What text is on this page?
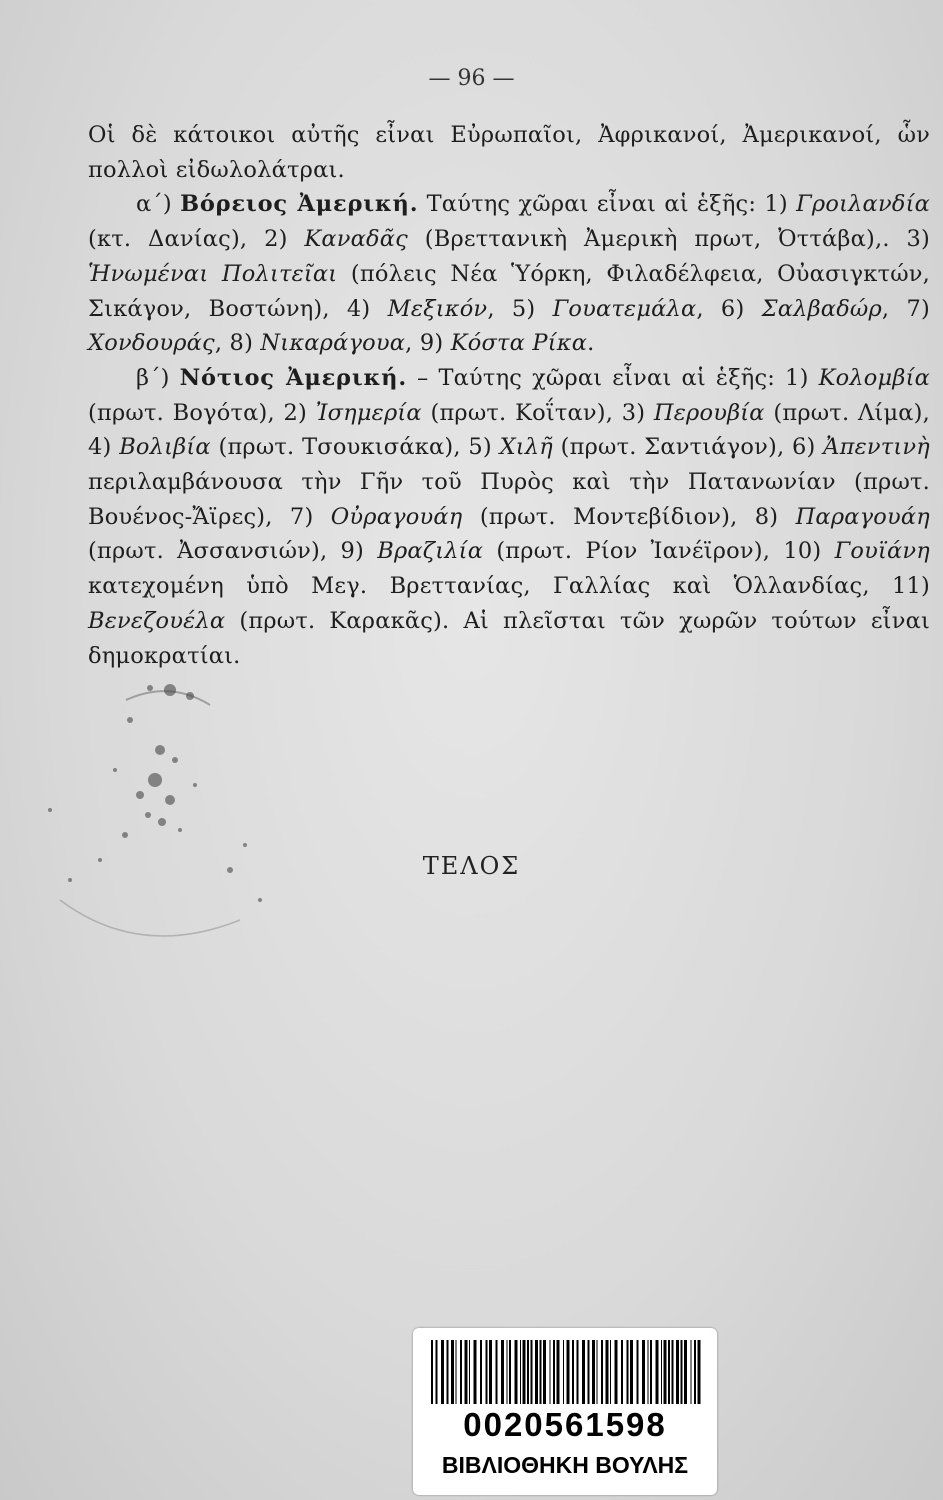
— 96 —

Οἱ δὲ κάτοικοι αὐτῆς εἶναι Εὐρωπαῖοι, Ἀφρικανοί, Ἀμερικανοί, ὧν πολλοὶ εἰδωλολάτραι.

α΄) Βόρειος Ἀμερική. Ταύτης χῶραι εἶναι αἱ ἑξῆς: 1) Γροιλανδία (κτ. Δανίας), 2) Καναδᾶς (Βρεττανικὴ Ἀμερικὴ πρωτ, Ὀττάβα),. 3) Ἡνωμέναι Πολιτεῖαι (πόλεις Νέα Ὑόρκη, Φιλαδέλφεια, Οὐασιγκτών, Σικάγον, Βοστώνη), 4) Μεξικόν, 5) Γουατεμάλα, 6) Σαλβαδώρ, 7) Χονδουράς, 8) Νικαράγουα, 9) Κόστα Ρίκα.

β΄) Νότιος Ἀμερική. – Ταύτης χῶραι εἶναι αἱ ἑξῆς: 1) Κολομβία (πρωτ. Βογότα), 2) Ἰσημερία (πρωτ. Κοΐταν), 3) Περουβία (πρωτ. Λίμα), 4) Βολιβία (πρωτ. Τσουκισάκα), 5) Χιλῆ (πρωτ. Σαντιάγον), 6) Ἀπεντινὴ περιλαμβάνουσα τὴν Γῆν τοῦ Πυρὸς καὶ τὴν Πατανωνίαν (πρωτ. Βουένος-Ἄϊρες), 7) Οὐραγουάη (πρωτ. Μοντεβίδιον), 8) Παραγουάη (πρωτ. Ἀσσανσιών), 9) Βραζιλία (πρωτ. Ρίον Ἰανέϊρον), 10) Γουϊάνη κατεχομένη ὑπὸ Μεγ. Βρεττανίας, Γαλλίας καὶ Ὁλλανδίας, 11) Βενεζουέλα (πρωτ. Καρακᾶς). Αἱ πλεῖσται τῶν χωρῶν τούτων εἶναι δημοκρατίαι.

ΤΕΛΟΣ
0020561598
ΒΙΒΛΙΟΘΗΚΗ ΒΟΥΛΗΣ
